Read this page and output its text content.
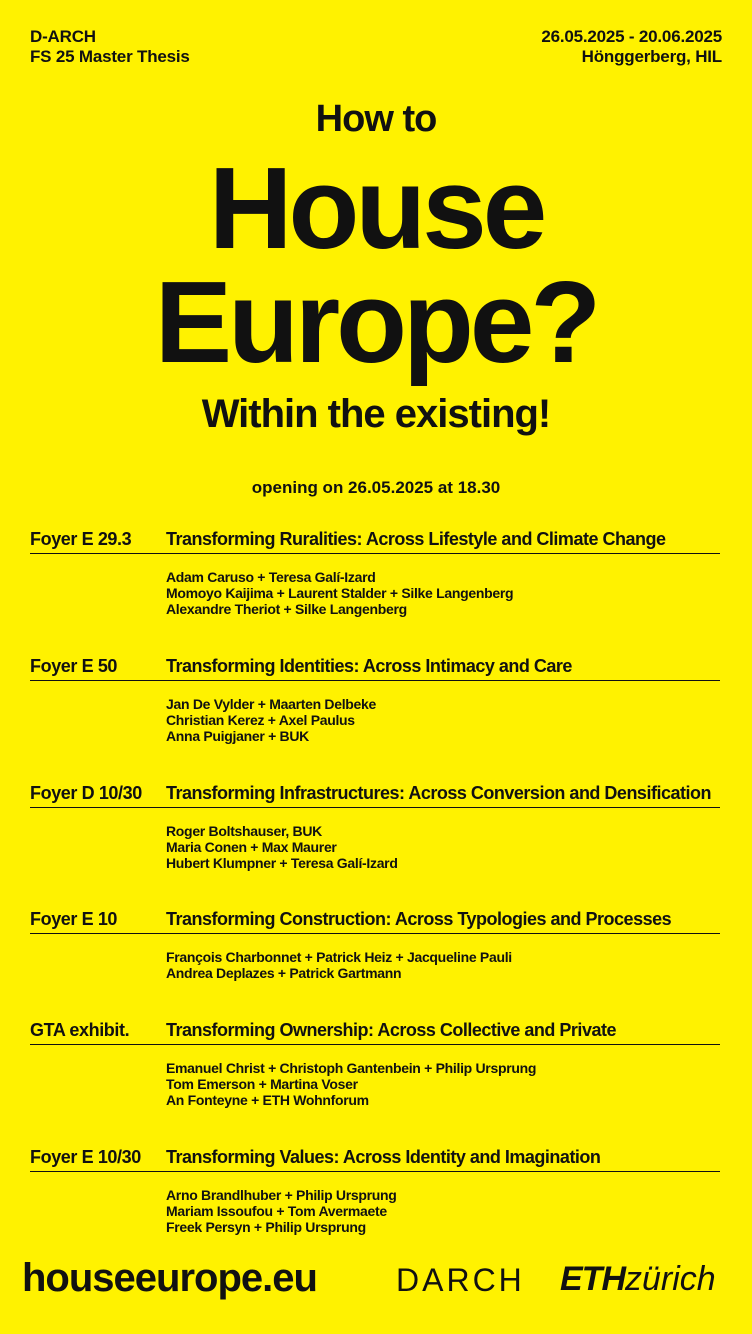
D-ARCH
FS 25 Master Thesis
26.05.2025 - 20.06.2025
Hönggerberg, HIL
How to
House
Europe?
Within the existing!
opening on 26.05.2025 at 18.30
Foyer E 29.3 Transforming Ruralities: Across Lifestyle and Climate Change
Adam Caruso + Teresa Galí-Izard
Momoyo Kaijima + Laurent Stalder + Silke Langenberg
Alexandre Theriot + Silke Langenberg
Foyer E 50	Transforming Identities: Across Intimacy and Care
Jan De Vylder + Maarten Delbeke
Christian Kerez + Axel Paulus
Anna Puigjaner + BUK
Foyer D 10/30 Transforming Infrastructures: Across Conversion and Densification
Roger Boltshauser, BUK
Maria Conen + Max Maurer
Hubert Klumpner + Teresa Galí-Izard
Foyer E 10	Transforming Construction: Across Typologies and Processes
François Charbonnet + Patrick Heiz + Jacqueline Pauli
Andrea Deplazes + Patrick Gartmann
GTA exhibit. Transforming Ownership: Across Collective and Private
Emanuel Christ + Christoph Gantenbein + Philip Ursprung
Tom Emerson + Martina Voser
An Fonteyne + ETH Wohnforum
Foyer E 10/30 Transforming Values: Across Identity and Imagination
Arno Brandlhuber + Philip Ursprung
Mariam Issoufou + Tom Avermaete
Freek Persyn + Philip Ursprung
houseeurope.eu DARCH ETHzürich
